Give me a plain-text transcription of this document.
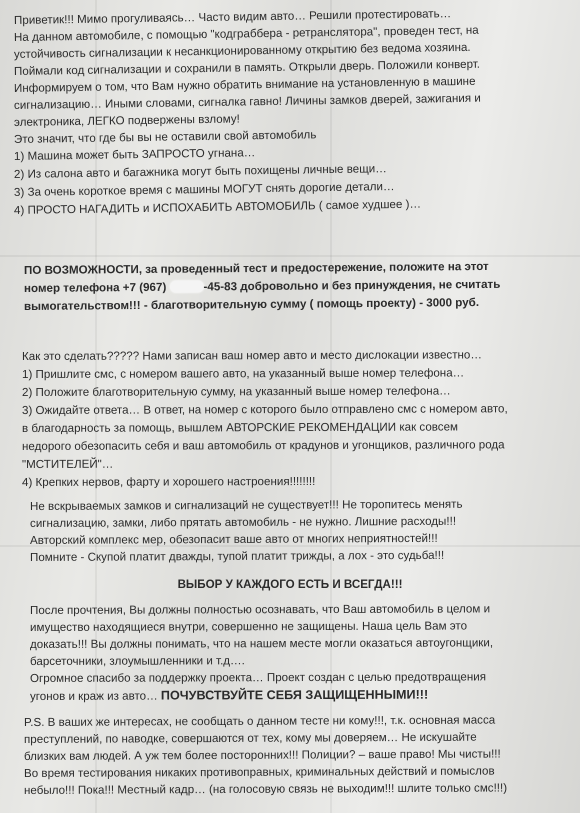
Приветик!!! Мимо прогуливаясь… Часто видим авто… Решили протестировать…
На данном автомобиле, с помощью "кодграббера - ретранслятора", проведен тест, на
устойчивость сигнализации к несанкционированному открытию без ведома хозяина.
Поймали код сигнализации и сохранили в память. Открыли дверь. Положили конверт.
Информируем о том, что Вам нужно обратить внимание на установленную в машине
сигнализацию… Иными словами, сигналка гавно! Личины замков дверей, зажигания и
электроника, ЛЕГКО подвержены взлому!
Это значит, что где бы вы не оставили свой автомобиль
1) Машина может быть ЗАПРОСТО угнана…
2) Из салона авто и багажника могут быть похищены личные вещи…
3) За очень короткое время с машины МОГУТ снять дорогие детали…
4) ПРОСТО НАГАДИТЬ и ИСПОХАБИТЬ АВТОМОБИЛЬ ( самое худшее )…
ПО ВОЗМОЖНОСТИ, за проведенный тест и предостережение, положите на этот
номер телефона +7 (967)	-45-83 добровольно и без принуждения, не считать
вымогательством!!! - благотворительную сумму ( помощь проекту) - 3000 руб.
Как это сделать????? Нами записан ваш номер авто и место дислокации известно…
1) Пришлите смс, с номером вашего авто, на указанный выше номер телефона…
2) Положите благотворительную сумму, на указанный выше номер телефона…
3) Ожидайте ответа… В ответ, на номер с которого было отправлено смс с номером авто,
в благодарность за помощь, вышлем АВТОРСКИЕ РЕКОМЕНДАЦИИ как совсем
недорого обезопасить себя и ваш автомобиль от крадунов и угонщиков, различного рода
"МСТИТЕЛЕЙ"…
4) Крепких нервов, фарту и хорошего настроения!!!!!!!!
Не вскрываемых замков и сигнализаций не существует!!! Не торопитесь менять
сигнализацию, замки, либо прятать автомобиль - не нужно. Лишние расходы!!!
Авторский комплекс мер, обезопасит ваше авто от многих неприятностей!!!
Помните - Скупой платит дважды, тупой платит трижды, а лох - это судьба!!!
ВЫБОР У КАЖДОГО ЕСТЬ И ВСЕГДА!!!
После прочтения, Вы должны полностью осознавать, что Ваш автомобиль в целом и
имущество находящиеся внутри, совершенно не защищены. Наша цель Вам это
доказать!!! Вы должны понимать, что на нашем месте могли оказаться автоугонщики,
барсеточники, злоумышленники и т.д….
Огромное спасибо за поддержку проекта… Проект создан с целью предотвращения
угонов и краж из авто… ПОЧУВСТВУЙТЕ СЕБЯ ЗАЩИЩЕННЫМИ!!!
P.S. В ваших же интересах, не сообщать о данном тесте ни кому!!!, т.к. основная масса
преступлений, по наводке, совершаются от тех, кому мы доверяем… Не искушайте
близких вам людей. А уж тем более посторонних!!! Полиции? – ваше право! Мы чисты!!!
Во время тестирования никаких противоправных, криминальных действий и помыслов
небыло!!! Пока!!! Местный кадр… (на голосовую связь не выходим!!! шлите только смс!!!)
